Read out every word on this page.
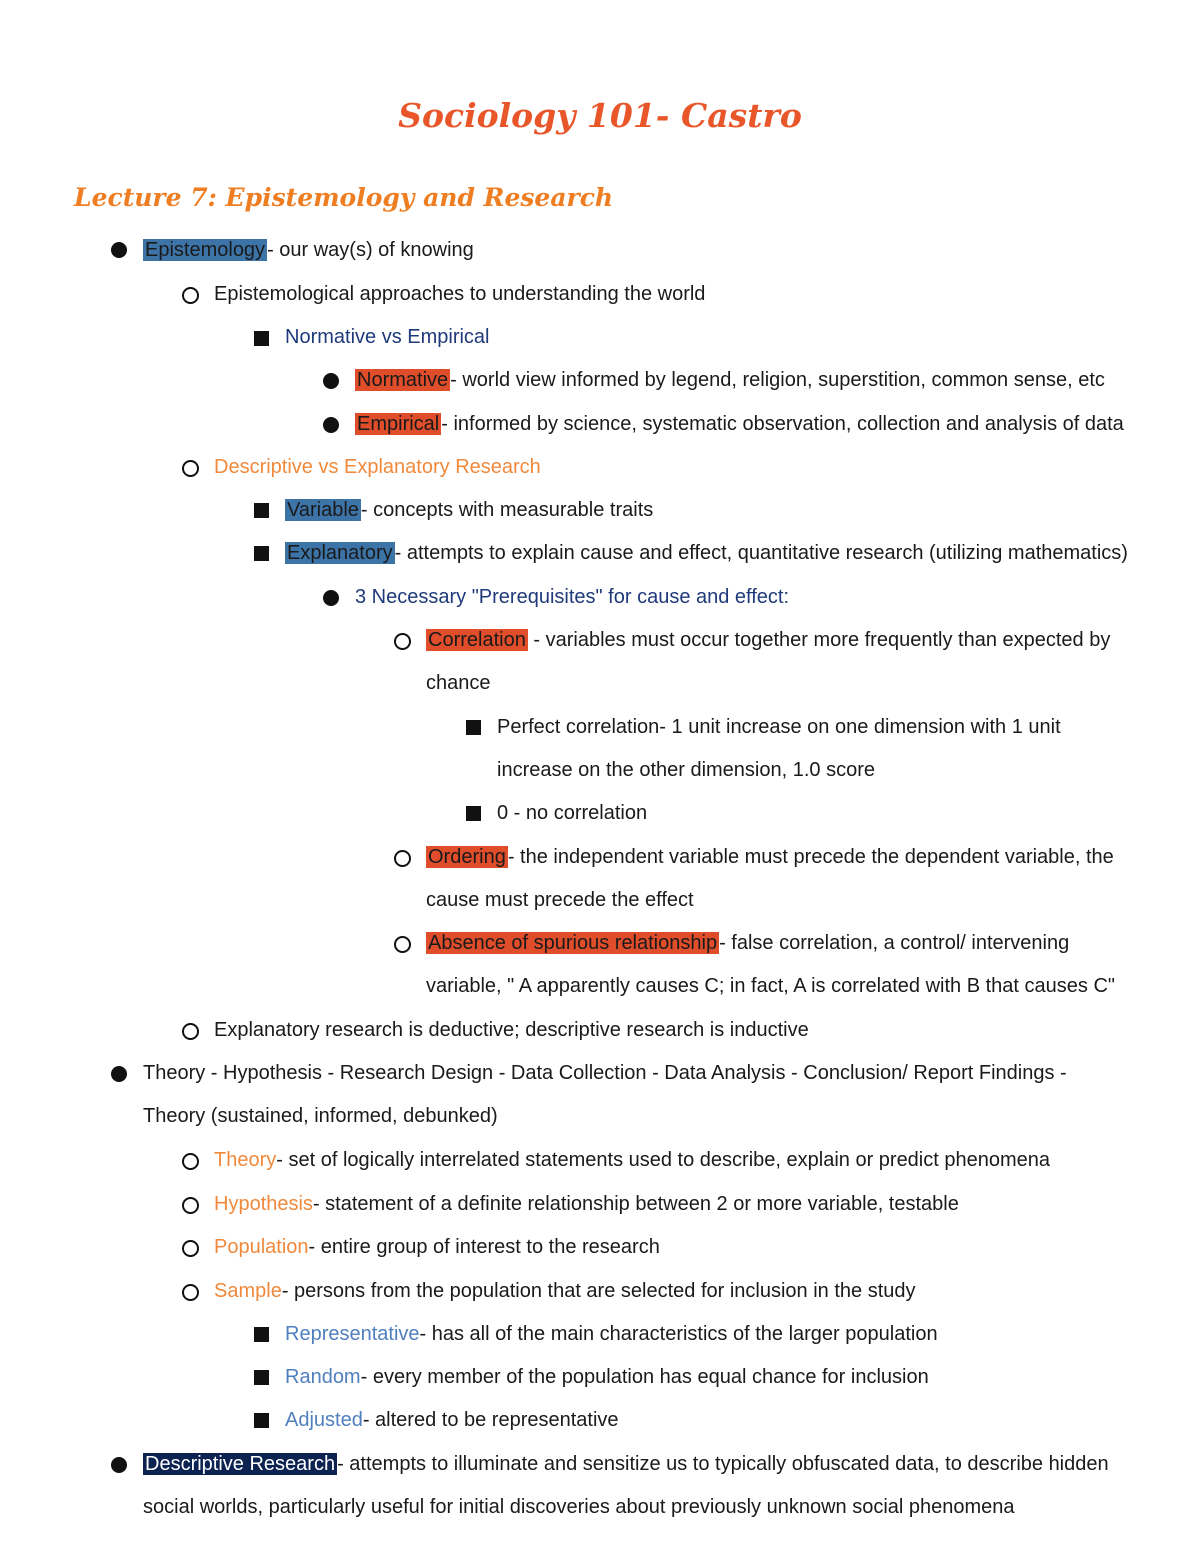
Sociology 101- Castro
Lecture 7: Epistemology and Research
Epistemology - our way(s) of knowing
Epistemological approaches to understanding the world
Normative vs Empirical
Normative - world view informed by legend, religion, superstition, common sense, etc
Empirical - informed by science, systematic observation, collection and analysis of data
Descriptive vs Explanatory Research
Variable - concepts with measurable traits
Explanatory - attempts to explain cause and effect, quantitative research (utilizing mathematics)
3 Necessary "Prerequisites" for cause and effect:
Correlation - variables must occur together more frequently than expected by
chance
Perfect correlation- 1 unit increase on one dimension with 1 unit
increase on the other dimension, 1.0 score
0 - no correlation
Ordering - the independent variable must precede the dependent variable, the
cause must precede the effect
Absence of spurious relationship - false correlation, a control/ intervening
variable, " A apparently causes C; in fact, A is correlated with B that causes C"
Explanatory research is deductive; descriptive research is inductive
Theory - Hypothesis - Research Design - Data Collection - Data Analysis - Conclusion/ Report Findings -
Theory (sustained, informed, debunked)
Theory- set of logically interrelated statements used to describe, explain or predict phenomena
Hypothesis- statement of a definite relationship between 2 or more variable, testable
Population- entire group of interest to the research
Sample- persons from the population that are selected for inclusion in the study
Representative- has all of the main characteristics of the larger population
Random- every member of the population has equal chance for inclusion
Adjusted- altered to be representative
Descriptive Research - attempts to illuminate and sensitize us to typically obfuscated data, to describe hidden
social worlds, particularly useful for initial discoveries about previously unknown social phenomena
